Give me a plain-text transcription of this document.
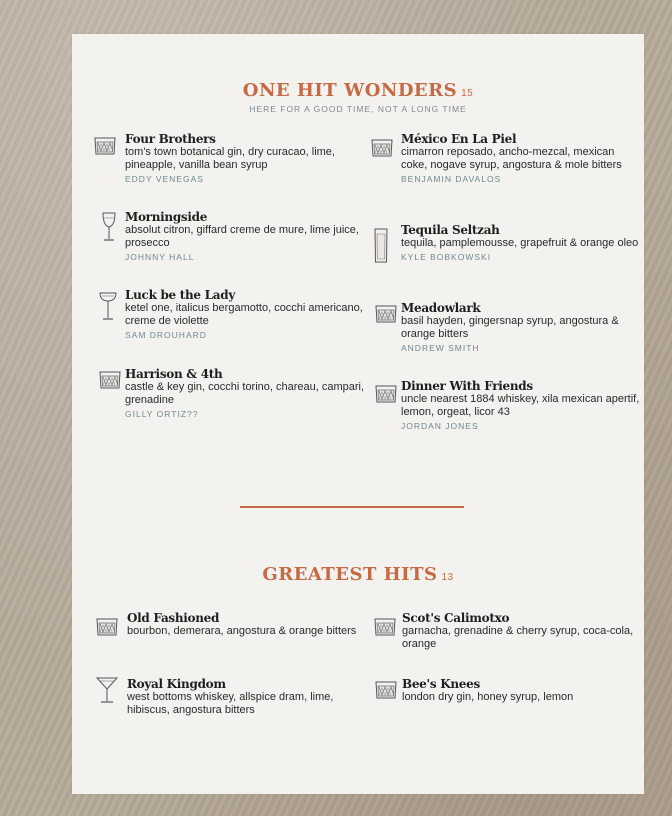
ONE HIT WONDERS 15
HERE FOR A GOOD TIME, NOT A LONG TIME
Four Brothers
tom's town botanical gin, dry curacao, lime, pineapple, vanilla bean syrup
EDDY VENEGAS
Morningside
absolut citron, giffard creme de mure, lime juice, prosecco
JOHNNY HALL
Luck be the Lady
ketel one, italicus bergamotto, cocchi americano, creme de violette
SAM DROUHARD
Harrison & 4th
castle & key gin, cocchi torino, chareau, campari, grenadine
GILLY ORTIZ??
México En La Piel
cimarron reposado, ancho-mezcal, mexican coke, nogave syrup, angostura & mole bitters
BENJAMIN DAVALOS
Tequila Seltzah
tequila, pamplemousse, grapefruit & orange oleo
KYLE BOBKOWSKI
Meadowlark
basil hayden, gingersnap syrup, angostura & orange bitters
ANDREW SMITH
Dinner With Friends
uncle nearest 1884 whiskey, xila mexican apertif, lemon, orgeat, licor 43
JORDAN JONES
GREATEST HITS 13
Old Fashioned
bourbon, demerara, angostura & orange bitters
Royal Kingdom
west bottoms whiskey, allspice dram, lime, hibiscus, angostura bitters
Scot's Calimotxo
garnacha, grenadine & cherry syrup, coca-cola, orange
Bee's Knees
london dry gin, honey syrup, lemon
